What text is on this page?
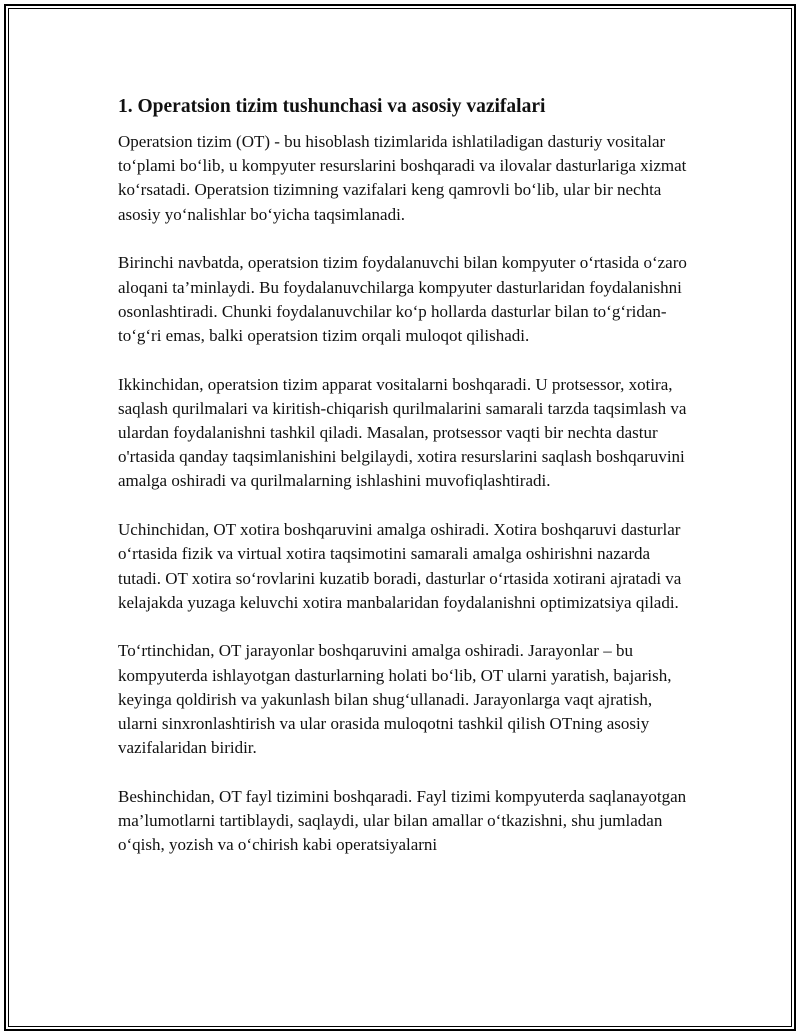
1. Operatsion tizim tushunchasi va asosiy vazifalari

Operatsion tizim (OT) - bu hisoblash tizimlarida ishlatiladigan dasturiy vositalar to‘plami bo‘lib, u kompyuter resurslarini boshqaradi va ilovalar dasturlariga xizmat ko‘rsatadi. Operatsion tizimning vazifalari keng qamrovli bo‘lib, ular bir nechta asosiy yo‘nalishlar bo‘yicha taqsimlanadi.

Birinchi navbatda, operatsion tizim foydalanuvchi bilan kompyuter o‘rtasida o‘zaro aloqani ta’minlaydi. Bu foydalanuvchilarga kompyuter dasturlaridan foydalanishni osonlashtiradi. Chunki foydalanuvchilar ko‘p hollarda dasturlar bilan to‘g‘ridan-to‘g‘ri emas, balki operatsion tizim orqali muloqot qilishadi.

Ikkinchidan, operatsion tizim apparat vositalarni boshqaradi. U protsessor, xotira, saqlash qurilmalari va kiritish-chiqarish qurilmalarini samarali tarzda taqsimlash va ulardan foydalanishni tashkil qiladi. Masalan, protsessor vaqti bir nechta dastur o'rtasida qanday taqsimlanishini belgilaydi, xotira resurslarini saqlash boshqaruvini amalga oshiradi va qurilmalarning ishlashini muvofiqlashtiradi.

Uchinchidan, OT xotira boshqaruvini amalga oshiradi. Xotira boshqaruvi dasturlar o‘rtasida fizik va virtual xotira taqsimotini samarali amalga oshirishni nazarda tutadi. OT xotira so‘rovlarini kuzatib boradi, dasturlar o‘rtasida xotirani ajratadi va kelajakda yuzaga keluvchi xotira manbalaridan foydalanishni optimizatsiya qiladi.

To‘rtinchidan, OT jarayonlar boshqaruvini amalga oshiradi. Jarayonlar – bu kompyuterda ishlayotgan dasturlarning holati bo‘lib, OT ularni yaratish, bajarish, keyinga qoldirish va yakunlash bilan shug‘ullanadi. Jarayonlarga vaqt ajratish, ularni sinxronlashtirish va ular orasida muloqotni tashkil qilish OTning asosiy vazifalaridan biridir.

Beshinchidan, OT fayl tizimini boshqaradi. Fayl tizimi kompyuterda saqlanayotgan ma’lumotlarni tartiblaydi, saqlaydi, ular bilan amallar o‘tkazishni, shu jumladan o‘qish, yozish va o‘chirish kabi operatsiyalarni
